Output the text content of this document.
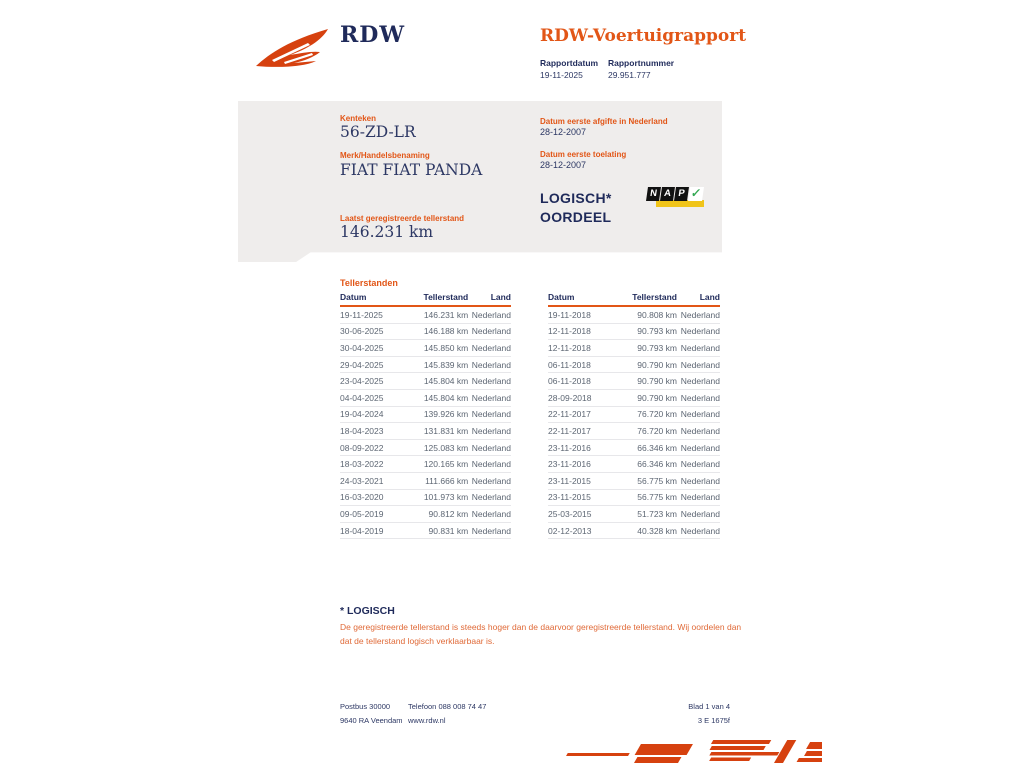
RDW	RDW-Voertuigrapport
Rapportdatum Rapportnummer
19-11-2025	29.951.777
Kenteken
56-ZD-LR
Merk/Handelsbenaming
FIAT FIAT PANDA
Laatst geregistreerde tellerstand
146.231 km
Datum eerste afgifte in Nederland
28-12-2007
Datum eerste toelating
28-12-2007
LOGISCH*
OORDEEL
N A P ✓
Tellerstanden
Datum	Tellerstand	Land
19-11-2025	146.231 km	Nederland
30-06-2025	146.188 km	Nederland
30-04-2025	145.850 km	Nederland
29-04-2025	145.839 km	Nederland
23-04-2025	145.804 km	Nederland
04-04-2025	145.804 km	Nederland
19-04-2024	139.926 km	Nederland
18-04-2023	131.831 km	Nederland
08-09-2022	125.083 km	Nederland
18-03-2022	120.165 km	Nederland
24-03-2021	111.666 km	Nederland
16-03-2020	101.973 km	Nederland
09-05-2019	90.812 km	Nederland
18-04-2019	90.831 km	Nederland
Datum	Tellerstand	Land
19-11-2018	90.808 km	Nederland
12-11-2018	90.793 km	Nederland
12-11-2018	90.793 km	Nederland
06-11-2018	90.790 km	Nederland
06-11-2018	90.790 km	Nederland
28-09-2018	90.790 km	Nederland
22-11-2017	76.720 km	Nederland
22-11-2017	76.720 km	Nederland
23-11-2016	66.346 km	Nederland
23-11-2016	66.346 km	Nederland
23-11-2015	56.775 km	Nederland
23-11-2015	56.775 km	Nederland
25-03-2015	51.723 km	Nederland
02-12-2013	40.328 km	Nederland
* LOGISCH
De geregistreerde tellerstand is steeds hoger dan de daarvoor geregistreerde tellerstand. Wij oordelen dan
dat de tellerstand logisch verklaarbaar is.
Postbus 30000
9640 RA Veendam
Telefoon 088 008 74 47
www.rdw.nl
Blad 1 van 4
3 E 1675f
